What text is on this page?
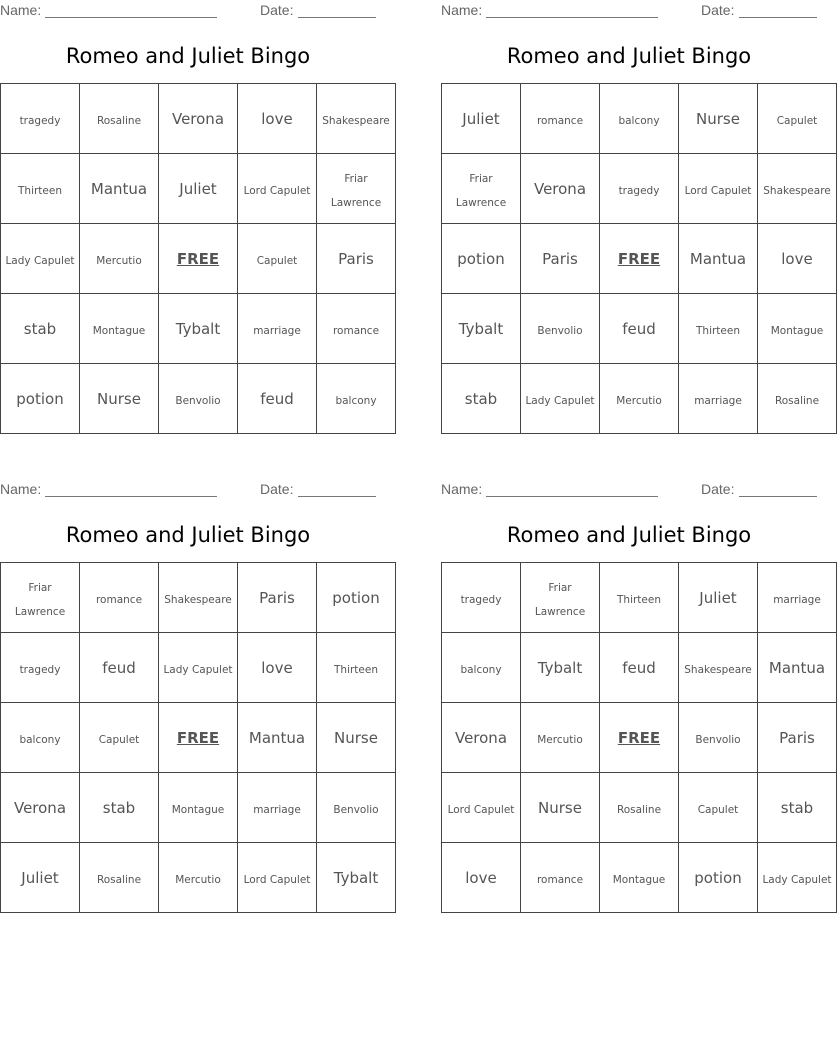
Name:	Date:
Romeo and Juliet Bingo
tragedy	Rosaline	Verona	love	Shakespeare
Thirteen	Mantua	Juliet	Lord Capulet	Friar Lawrence
Lady Capulet	Mercutio	FREE	Capulet	Paris
stab	Montague	Tybalt	marriage	romance
potion	Nurse	Benvolio	feud	balcony
Name:	Date:
Romeo and Juliet Bingo
Juliet	romance	balcony	Nurse	Capulet
Friar Lawrence	Verona	tragedy	Lord Capulet	Shakespeare
potion	Paris	FREE	Mantua	love
Tybalt	Benvolio	feud	Thirteen	Montague
stab	Lady Capulet	Mercutio	marriage	Rosaline
Name:	Date:
Romeo and Juliet Bingo
Friar Lawrence	romance	Shakespeare	Paris	potion
tragedy	feud	Lady Capulet	love	Thirteen
balcony	Capulet	FREE	Mantua	Nurse
Verona	stab	Montague	marriage	Benvolio
Juliet	Rosaline	Mercutio	Lord Capulet	Tybalt
Name:	Date:
Romeo and Juliet Bingo
tragedy	Friar Lawrence	Thirteen	Juliet	marriage
balcony	Tybalt	feud	Shakespeare	Mantua
Verona	Mercutio	FREE	Benvolio	Paris
Lord Capulet	Nurse	Rosaline	Capulet	stab
love	romance	Montague	potion	Lady Capulet
